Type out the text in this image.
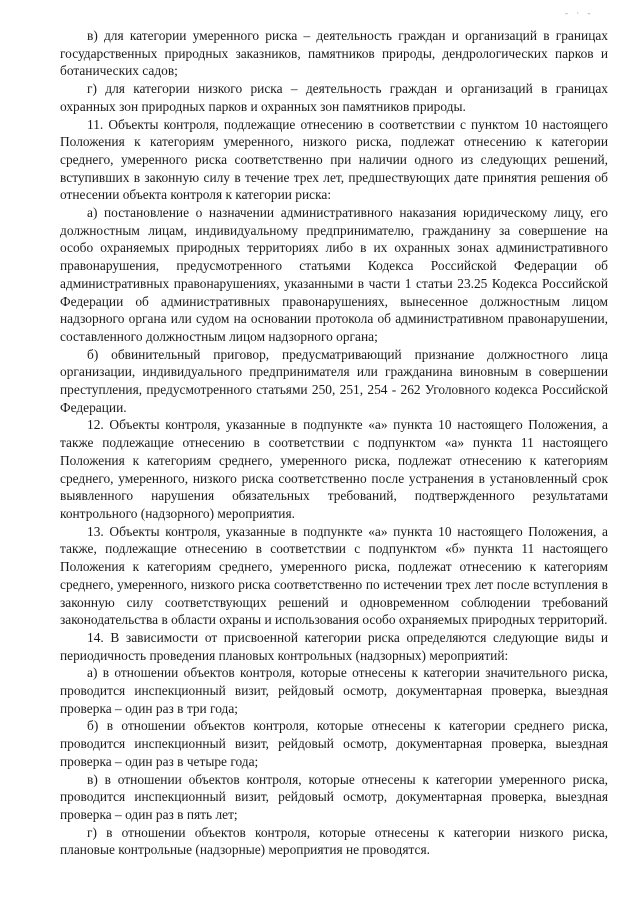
- · -

в) для категории умеренного риска – деятельность граждан и организаций в границах государственных природных заказников, памятников природы, дендрологических парков и ботанических садов;

г) для категории низкого риска – деятельность граждан и организаций в границах охранных зон природных парков и охранных зон памятников природы.

11. Объекты контроля, подлежащие отнесению в соответствии с пунктом 10 настоящего Положения к категориям умеренного, низкого риска, подлежат отнесению к категории среднего, умеренного риска соответственно при наличии одного из следующих решений, вступивших в законную силу в течение трех лет, предшествующих дате принятия решения об отнесении объекта контроля к категории риска:

а) постановление о назначении административного наказания юридическому лицу, его должностным лицам, индивидуальному предпринимателю, гражданину за совершение на особо охраняемых природных территориях либо в их охранных зонах административного правонарушения, предусмотренного статьями Кодекса Российской Федерации об административных правонарушениях, указанными в части 1 статьи 23.25 Кодекса Российской Федерации об административных правонарушениях, вынесенное должностным лицом надзорного органа или судом на основании протокола об административном правонарушении, составленного должностным лицом надзорного органа;

б) обвинительный приговор, предусматривающий признание должностного лица организации, индивидуального предпринимателя или гражданина виновным в совершении преступления, предусмотренного статьями 250, 251, 254 - 262 Уголовного кодекса Российской Федерации.

12. Объекты контроля, указанные в подпункте «а» пункта 10 настоящего Положения, а также подлежащие отнесению в соответствии с подпунктом «а» пункта 11 настоящего Положения к категориям среднего, умеренного риска, подлежат отнесению к категориям среднего, умеренного, низкого риска соответственно после устранения в установленный срок выявленного нарушения обязательных требований, подтвержденного результатами контрольного (надзорного) мероприятия.

13. Объекты контроля, указанные в подпункте «а» пункта 10 настоящего Положения, а также, подлежащие отнесению в соответствии с подпунктом «б» пункта 11 настоящего Положения к категориям среднего, умеренного риска, подлежат отнесению к категориям среднего, умеренного, низкого риска соответственно по истечении трех лет после вступления в законную силу соответствующих решений и одновременном соблюдении требований законодательства в области охраны и использования особо охраняемых природных территорий.

14. В зависимости от присвоенной категории риска определяются следующие виды и периодичность проведения плановых контрольных (надзорных) мероприятий:

а) в отношении объектов контроля, которые отнесены к категории значительного риска, проводится инспекционный визит, рейдовый осмотр, документарная проверка, выездная проверка – один раз в три года;

б) в отношении объектов контроля, которые отнесены к категории среднего риска, проводится инспекционный визит, рейдовый осмотр, документарная проверка, выездная проверка – один раз в четыре года;

в) в отношении объектов контроля, которые отнесены к категории умеренного риска, проводится инспекционный визит, рейдовый осмотр, документарная проверка, выездная проверка – один раз в пять лет;

г) в отношении объектов контроля, которые отнесены к категории низкого риска, плановые контрольные (надзорные) мероприятия не проводятся.
